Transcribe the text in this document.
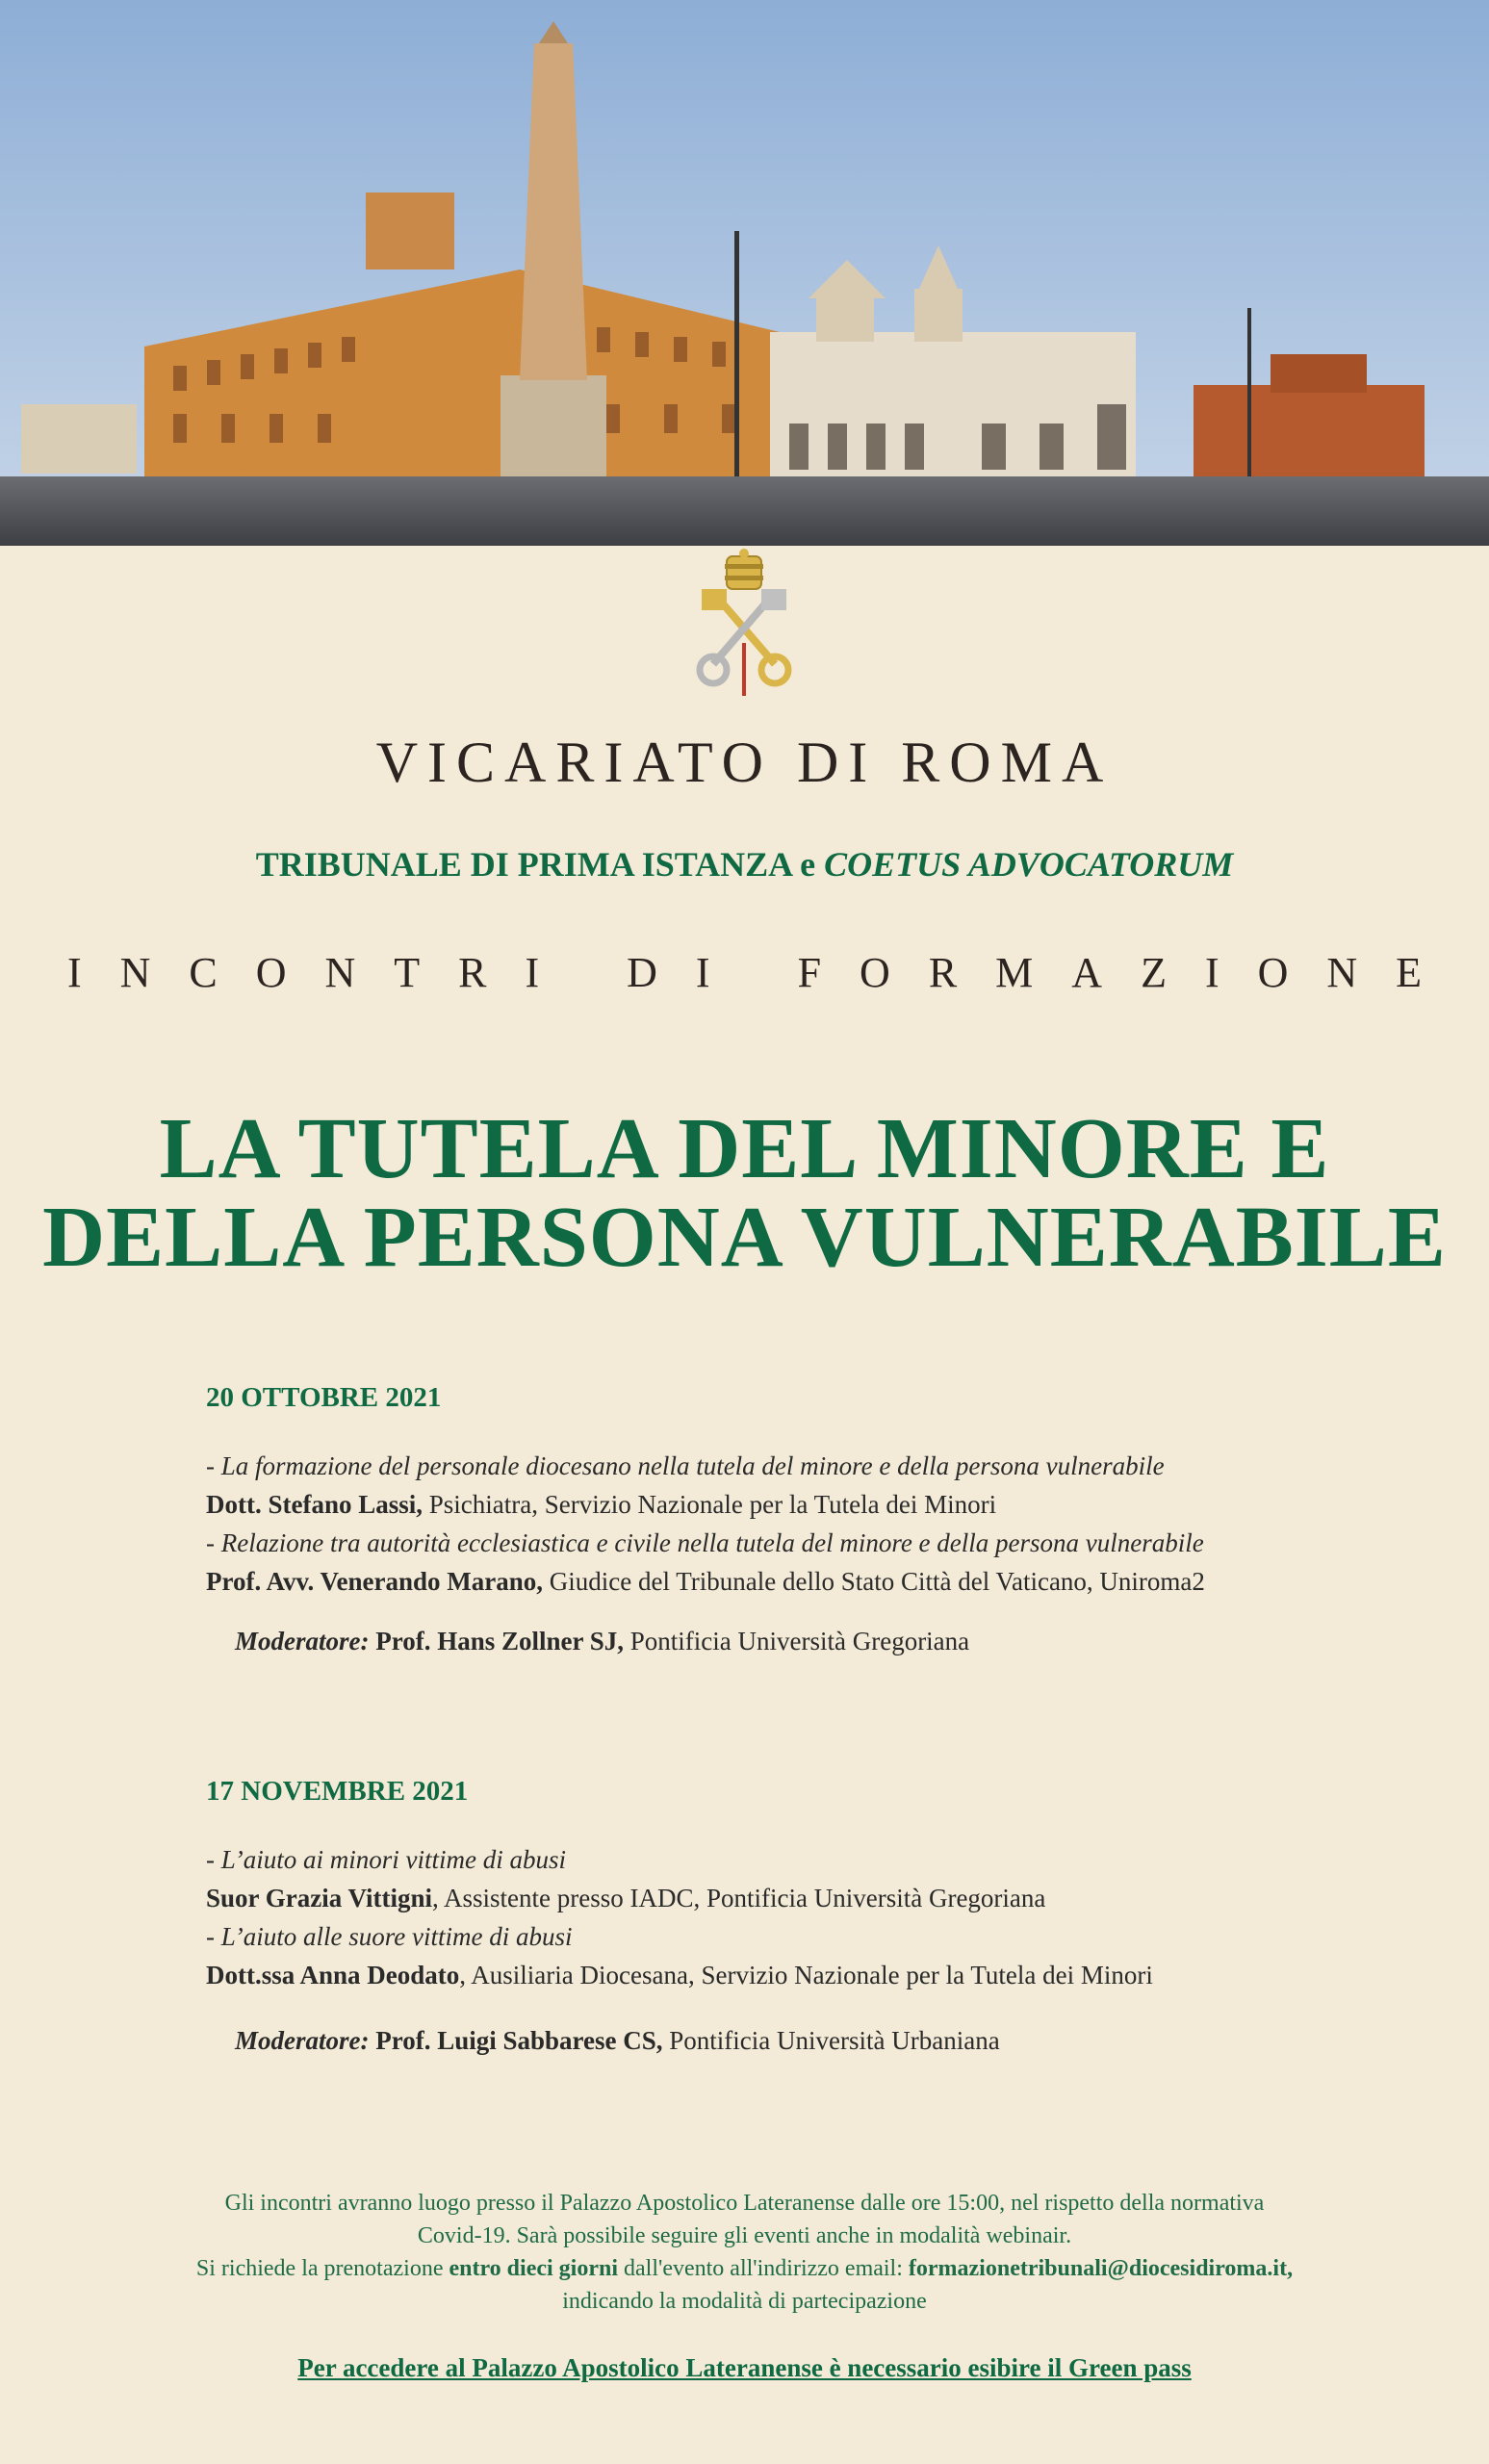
VICARIATO DI ROMA
TRIBUNALE DI PRIMA ISTANZA e COETUS ADVOCATORUM
INCONTRI DI FORMAZIONE
LA TUTELA DEL MINORE E
DELLA PERSONA VULNERABILE
20 OTTOBRE 2021
- La formazione del personale diocesano nella tutela del minore e della persona vulnerabile
Dott. Stefano Lassi, Psichiatra, Servizio Nazionale per la Tutela dei Minori
- Relazione tra autorità ecclesiastica e civile nella tutela del minore e della persona vulnerabile
Prof. Avv. Venerando Marano, Giudice del Tribunale dello Stato Città del Vaticano, Uniroma2
Moderatore: Prof. Hans Zollner SJ, Pontificia Università Gregoriana
17 NOVEMBRE 2021
- L’aiuto ai minori vittime di abusi
Suor Grazia Vittigni, Assistente presso IADC, Pontificia Università Gregoriana
- L’aiuto alle suore vittime di abusi
Dott.ssa Anna Deodato, Ausiliaria Diocesana, Servizio Nazionale per la Tutela dei Minori
Moderatore: Prof. Luigi Sabbarese CS, Pontificia Università Urbaniana
Gli incontri avranno luogo presso il Palazzo Apostolico Lateranense dalle ore 15:00, nel rispetto della normativa
Covid-19. Sarà possibile seguire gli eventi anche in modalità webinair.
Si richiede la prenotazione entro dieci giorni dall'evento all'indirizzo email: formazionetribunali@diocesidiroma.it,
indicando la modalità di partecipazione
Per accedere al Palazzo Apostolico Lateranense è necessario esibire il Green pass
